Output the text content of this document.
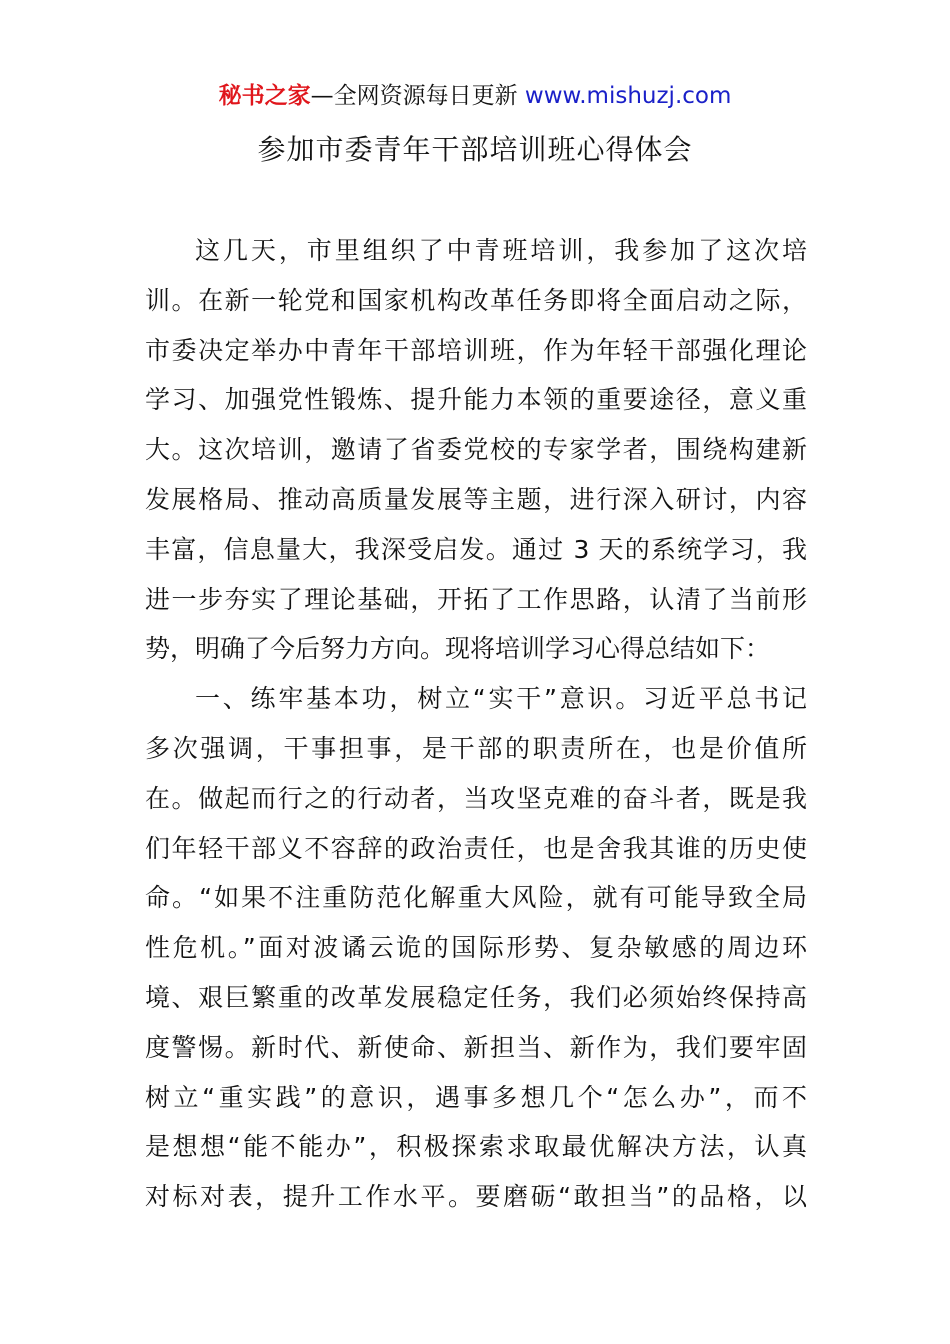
秘书之家—全网资源每日更新 www.mishuzj.com
参加市委青年干部培训班心得体会
这几天，市里组织了中青班培训，我参加了这次培
训。在新一轮党和国家机构改革任务即将全面启动之际，
市委决定举办中青年干部培训班，作为年轻干部强化理论
学习、加强党性锻炼、提升能力本领的重要途径，意义重
大。这次培训，邀请了省委党校的专家学者，围绕构建新
发展格局、推动高质量发展等主题，进行深入研讨，内容
丰富，信息量大，我深受启发。通过 3 天的系统学习，我
进一步夯实了理论基础，开拓了工作思路，认清了当前形
势，明确了今后努力方向。现将培训学习心得总结如下：
一、练牢基本功，树立“实干”意识。习近平总书记
多次强调，干事担事，是干部的职责所在，也是价值所
在。做起而行之的行动者，当攻坚克难的奋斗者，既是我
们年轻干部义不容辞的政治责任，也是舍我其谁的历史使
命。“如果不注重防范化解重大风险，就有可能导致全局
性危机。”面对波谲云诡的国际形势、复杂敏感的周边环
境、艰巨繁重的改革发展稳定任务，我们必须始终保持高
度警惕。新时代、新使命、新担当、新作为，我们要牢固
树立“重实践”的意识，遇事多想几个“怎么办”，而不
是想想“能不能办”，积极探索求取最优解决方法，认真
对标对表，提升工作水平。要磨砺“敢担当”的品格，以
